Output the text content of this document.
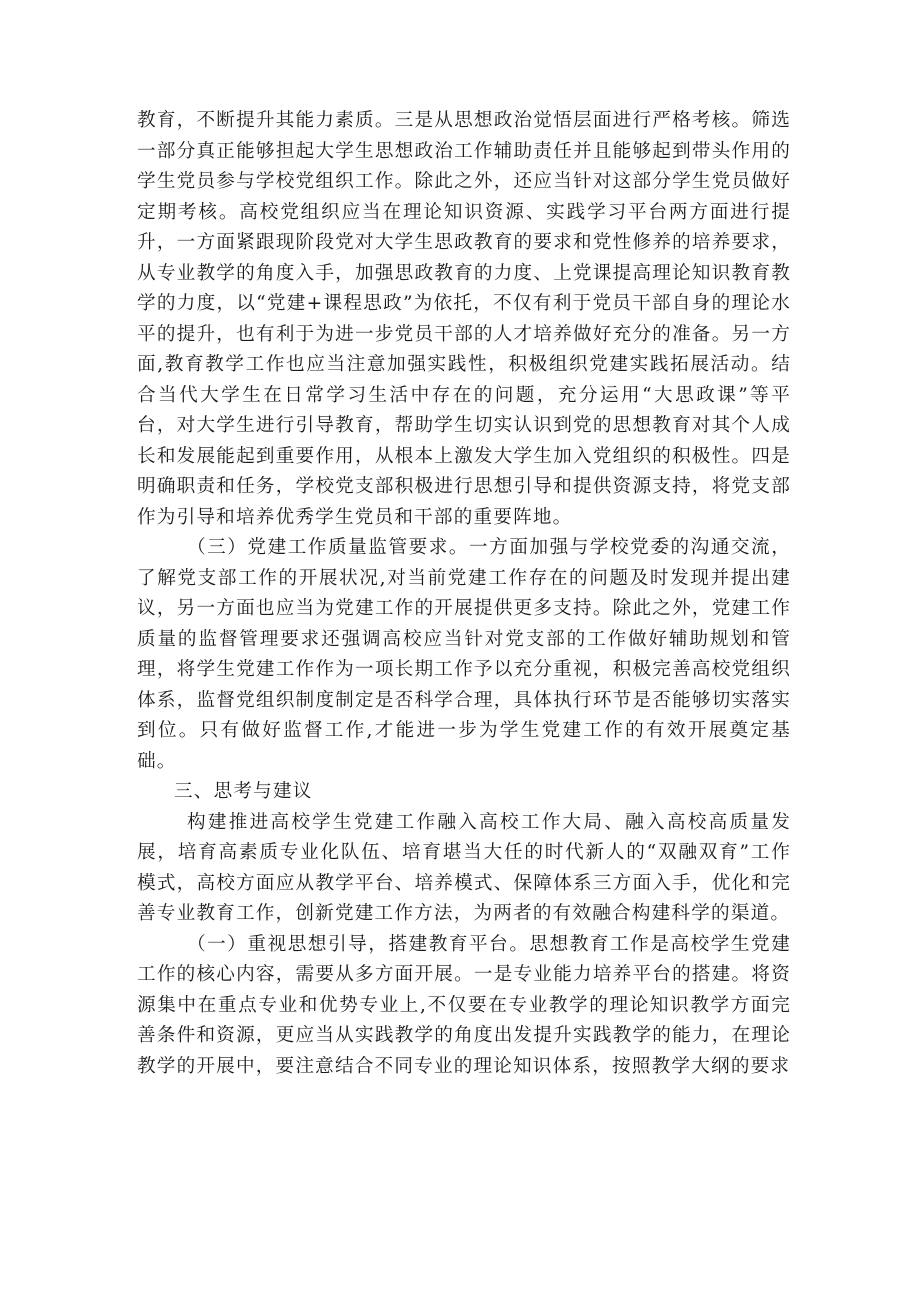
教育，不断提升其能力素质。三是从思想政治觉悟层面进行严格考核。筛选一部分真正能够担起大学生思想政治工作辅助责任并且能够起到带头作用的学生党员参与学校党组织工作。除此之外，还应当针对这部分学生党员做好定期考核。高校党组织应当在理论知识资源、实践学习平台两方面进行提升，一方面紧跟现阶段党对大学生思政教育的要求和党性修养的培养要求，从专业教学的角度入手，加强思政教育的力度、上党课提高理论知识教育教学的力度，以“党建+课程思政”为依托，不仅有利于党员干部自身的理论水平的提升，也有利于为进一步党员干部的人才培养做好充分的准备。另一方面,教育教学工作也应当注意加强实践性，积极组织党建实践拓展活动。结合当代大学生在日常学习生活中存在的问题，充分运用“大思政课”等平台，对大学生进行引导教育，帮助学生切实认识到党的思想教育对其个人成长和发展能起到重要作用，从根本上激发大学生加入党组织的积极性。四是明确职责和任务，学校党支部积极进行思想引导和提供资源支持，将党支部作为引导和培养优秀学生党员和干部的重要阵地。

（三）党建工作质量监管要求。一方面加强与学校党委的沟通交流，了解党支部工作的开展状况,对当前党建工作存在的问题及时发现并提出建议，另一方面也应当为党建工作的开展提供更多支持。除此之外，党建工作质量的监督管理要求还强调高校应当针对党支部的工作做好辅助规划和管理，将学生党建工作作为一项长期工作予以充分重视，积极完善高校党组织体系，监督党组织制度制定是否科学合理，具体执行环节是否能够切实落实到位。只有做好监督工作,才能进一步为学生党建工作的有效开展奠定基础。

三、思考与建议

构建推进高校学生党建工作融入高校工作大局、融入高校高质量发展，培育高素质专业化队伍、培育堪当大任的时代新人的“双融双育”工作模式，高校方面应从教学平台、培养模式、保障体系三方面入手，优化和完善专业教育工作，创新党建工作方法，为两者的有效融合构建科学的渠道。

（一）重视思想引导，搭建教育平台。思想教育工作是高校学生党建工作的核心内容，需要从多方面开展。一是专业能力培养平台的搭建。将资源集中在重点专业和优势专业上,不仅要在专业教学的理论知识教学方面完善条件和资源，更应当从实践教学的角度出发提升实践教学的能力，在理论教学的开展中，要注意结合不同专业的理论知识体系，按照教学大纲的要求
